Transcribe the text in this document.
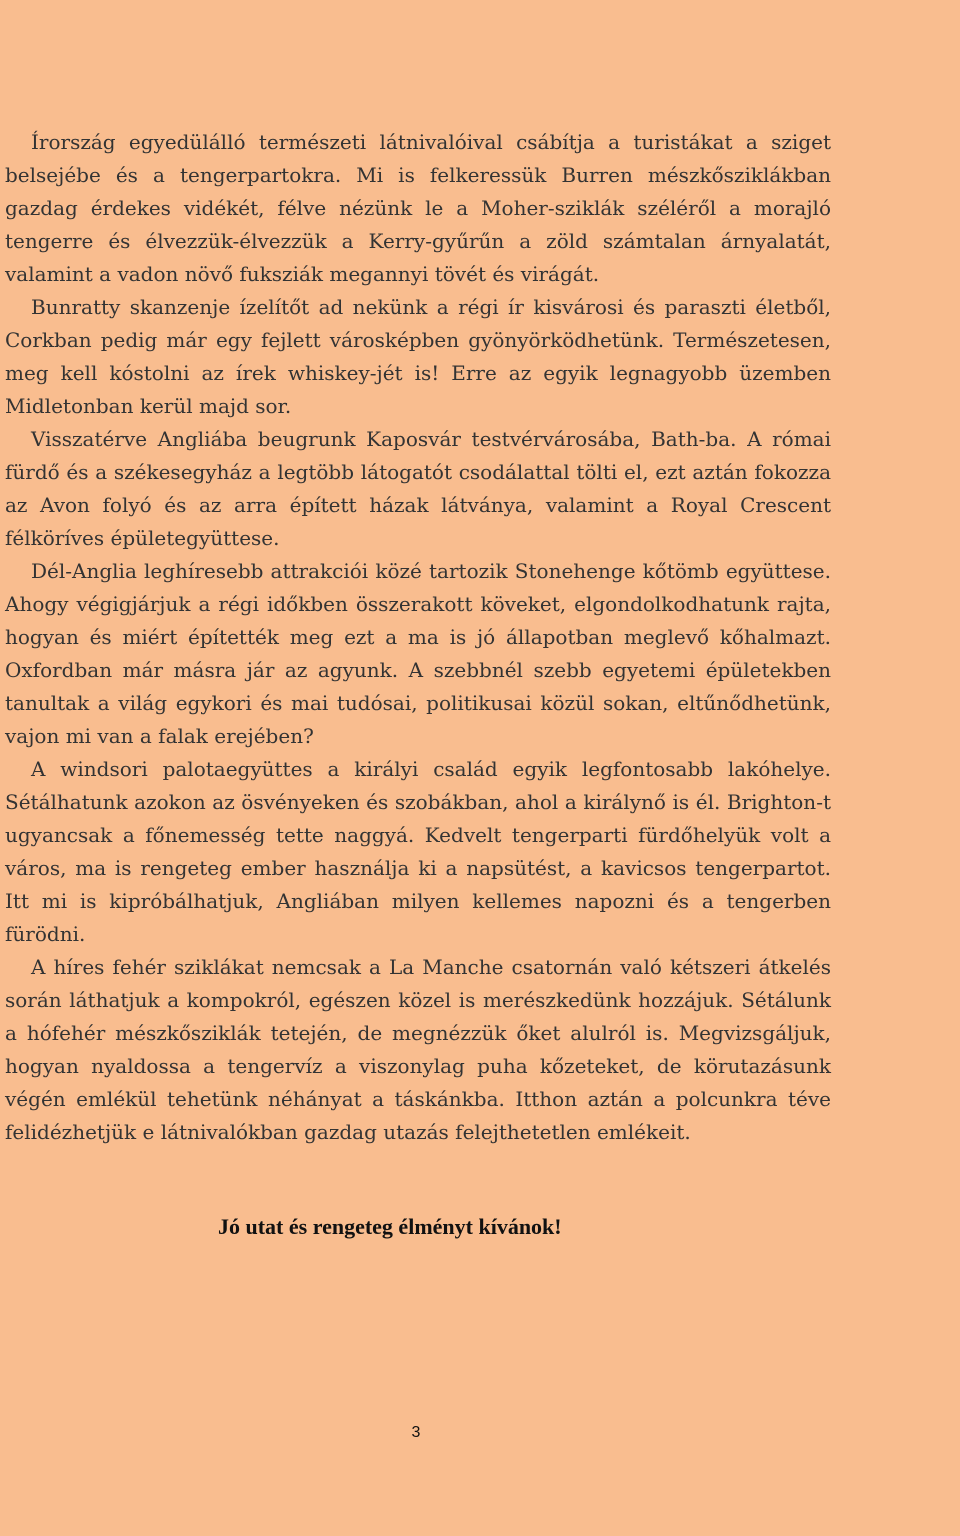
Írország egyedülálló természeti látnivalóival csábítja a turistákat a sziget belsejébe és a tengerpartokra. Mi is felkeressük Burren mészkősziklákban gazdag érdekes vidékét, félve nézünk le a Moher-sziklák széléről a morajló tengerre és élvezzük-élvezzük a Kerry-gyűrűn a zöld számtalan árnyalatát, valamint a vadon növő fuksziák megannyi tövét és virágát.

Bunratty skanzenje ízelítőt ad nekünk a régi ír kisvárosi és paraszti életből, Corkban pedig már egy fejlett városképben gyönyörködhetünk. Természetesen, meg kell kóstolni az írek whiskey-jét is! Erre az egyik legnagyobb üzemben Midletonban kerül majd sor.

Visszatérve Angliába beugrunk Kaposvár testvérvárosába, Bath-ba. A római fürdő és a székesegyház a legtöbb látogatót csodálattal tölti el, ezt aztán fokozza az Avon folyó és az arra épített házak látványa, valamint a Royal Crescent félköríves épületegyüttese.

Dél-Anglia leghíresebb attrakciói közé tartozik Stonehenge kőtömb együttese. Ahogy végigjárjuk a régi időkben összerakott köveket, elgondolkodhatunk rajta, hogyan és miért építették meg ezt a ma is jó állapotban meglevő kőhalmazt. Oxfordban már másra jár az agyunk. A szebbnél szebb egyetemi épületekben tanultak a világ egykori és mai tudósai, politikusai közül sokan, eltűnődhetünk, vajon mi van a falak erejében?

A windsori palotaegyüttes a királyi család egyik legfontosabb lakóhelye. Sétálhatunk azokon az ösvényeken és szobákban, ahol a királynő is él. Brighton-t ugyancsak a főnemesség tette naggyá. Kedvelt tengerparti fürdőhelyük volt a város, ma is rengeteg ember használja ki a napsütést, a kavicsos tengerpartot. Itt mi is kipróbálhatjuk, Angliában milyen kellemes napozni és a tengerben fürödni.

A híres fehér sziklákat nemcsak a La Manche csatornán való kétszeri átkelés során láthatjuk a kompokról, egészen közel is merészkedünk hozzájuk. Sétálunk a hófehér mészkősziklák tetején, de megnézzük őket alulról is. Megvizsgáljuk, hogyan nyaldossa a tengervíz a viszonylag puha kőzeteket, de körutazásunk végén emlékül tehetünk néhányat a táskánkba. Itthon aztán a polcunkra téve felidézhetjük e látnivalókban gazdag utazás felejthetetlen emlékeit.

Jó utat és rengeteg élményt kívánok!
3
